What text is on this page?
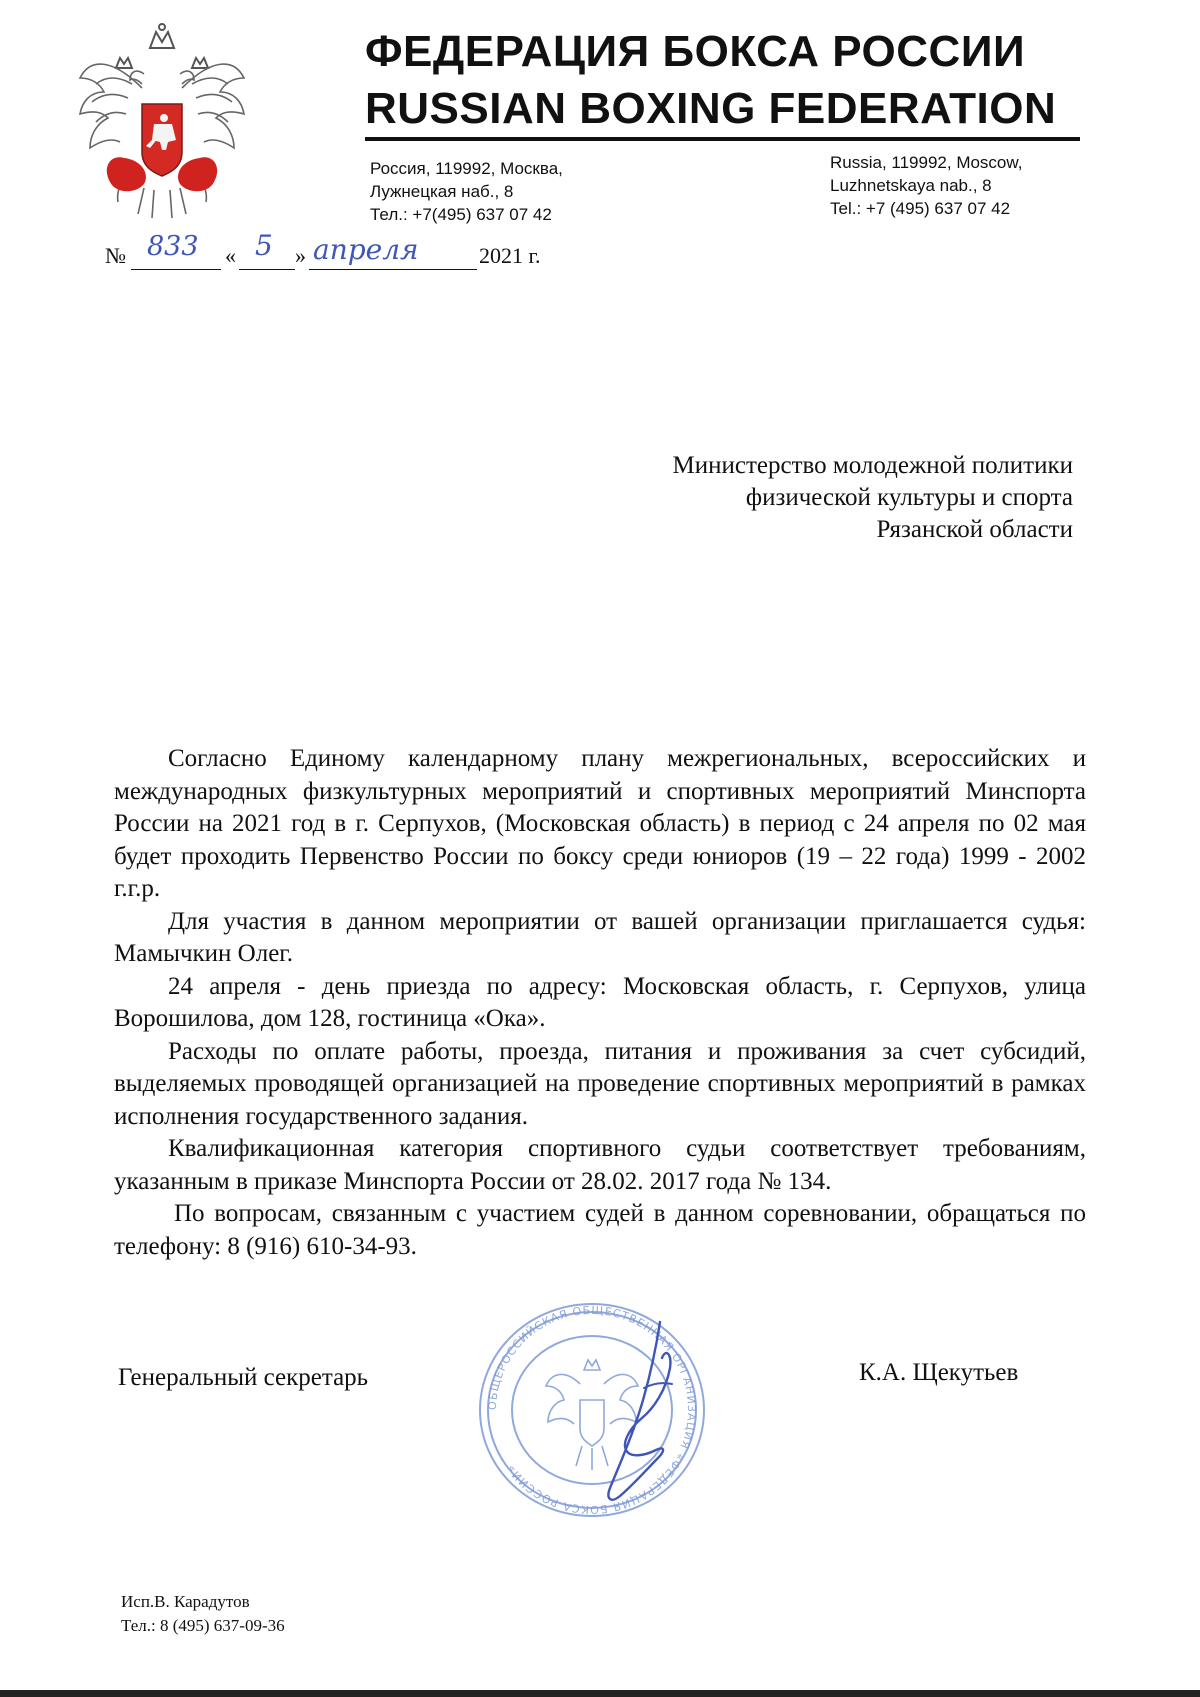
ФЕДЕРАЦИЯ БОКСА РОССИИ
RUSSIAN BOXING FEDERATION
Россия, 119992, Москва,
Лужнецкая наб., 8
Тел.: +7(495) 637 07 42
Russia, 119992, Moscow,
Luzhnetskaya nab., 8
Tel.: +7 (495) 637 07 42
№ 833 « 5 » апреля	2021 г.
Министерство молодежной политики
физической культуры и спорта
Рязанской области

Согласно Единому календарному плану межрегиональных, всероссийских и международных физкультурных мероприятий и спортивных мероприятий Минспорта России на 2021 год в г. Серпухов, (Московская область) в период с 24 апреля по 02 мая будет проходить Первенство России по боксу среди юниоров (19 – 22 года) 1999 - 2002 г.г.р.

Для участия в данном мероприятии от вашей организации приглашается судья: Мамычкин Олег.

24 апреля - день приезда по адресу: Московская область, г. Серпухов, улица Ворошилова, дом 128, гостиница «Ока».

Расходы по оплате работы, проезда, питания и проживания за счет субсидий, выделяемых проводящей организацией на проведение спортивных мероприятий в рамках исполнения государственного задания.

Квалификационная категория спортивного судьи соответствует требованиям, указанным в приказе Минспорта России от 28.02. 2017 года № 134.

По вопросам, связанным с участием судей в данном соревновании, обращаться по телефону: 8 (916) 610-34-93.

ОБЩЕРОССИЙСКАЯ ОБЩЕСТВЕННАЯ ОРГАНИЗАЦИЯ «ФЕДЕРАЦИЯ БОКСА РОССИИ»
Генеральный секретарь	К.А. Щекутьев
Исп.В. Карадутов
Тел.: 8 (495) 637-09-36
